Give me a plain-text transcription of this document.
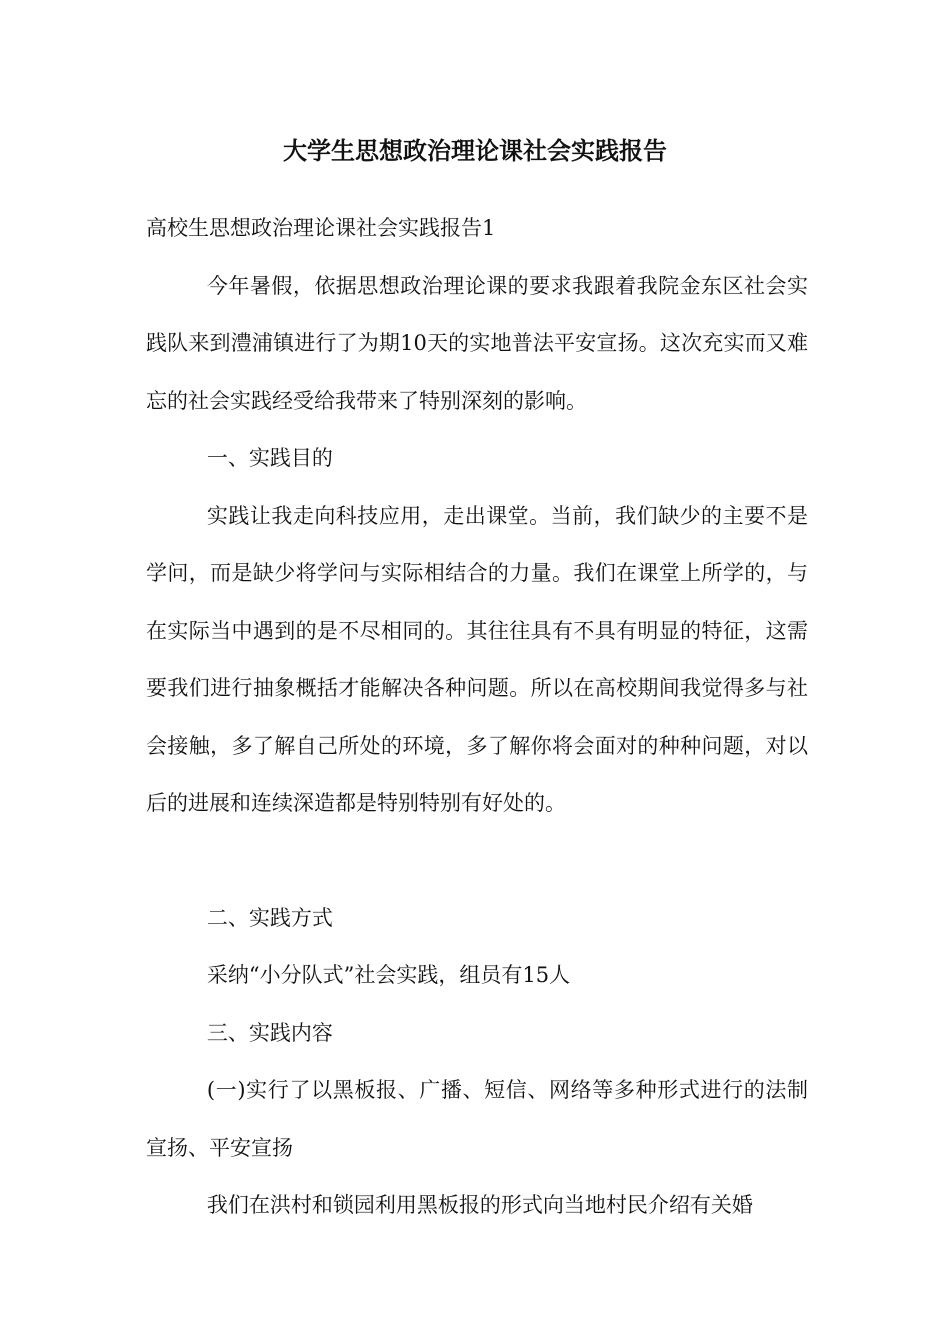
大学生思想政治理论课社会实践报告

高校生思想政治理论课社会实践报告1

今年暑假，依据思想政治理论课的要求我跟着我院金东区社会实践队来到澧浦镇进行了为期10天的实地普法平安宣扬。这次充实而又难忘的社会实践经受给我带来了特别深刻的影响。

一、实践目的

实践让我走向科技应用，走出课堂。当前，我们缺少的主要不是学问，而是缺少将学问与实际相结合的力量。我们在课堂上所学的，与在实际当中遇到的是不尽相同的。其往往具有不具有明显的特征，这需要我们进行抽象概括才能解决各种问题。所以在高校期间我觉得多与社会接触，多了解自己所处的环境，多了解你将会面对的种种问题，对以后的进展和连续深造都是特别特别有好处的。

二、实践方式

采纳“小分队式”社会实践，组员有15人

三、实践内容

(一)实行了以黑板报、广播、短信、网络等多种形式进行的法制宣扬、平安宣扬

我们在洪村和锁园利用黑板报的形式向当地村民介绍有关婚
